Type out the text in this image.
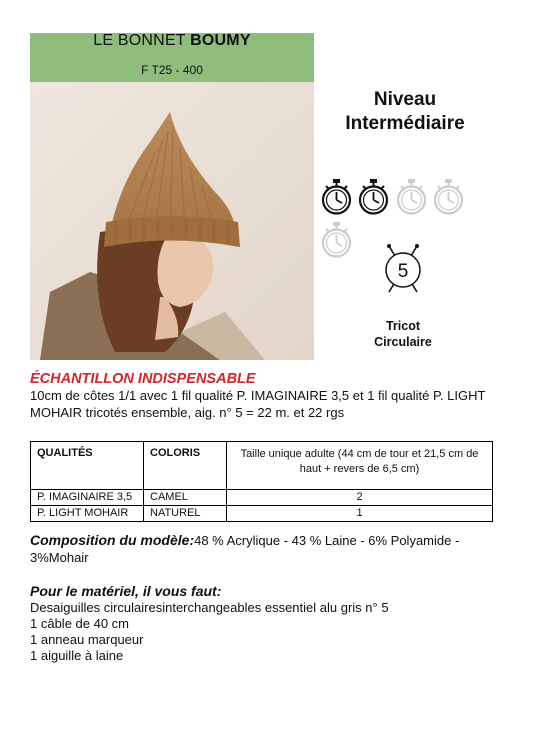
LE BONNET BOUMY
F T25 - 400
Niveau
Intermédiaire

5
Tricot
Circulaire
ÉCHANTILLON INDISPENSABLE
10cm de côtes 1/1 avec 1 fil qualité P. IMAGINAIRE 3,5 et 1 fil qualité P. LIGHT MOHAIR tricotés ensemble, aig. n° 5 = 22 m. et 22 rgs
QUALITÉS	COLORIS	Taille unique adulte (44 cm de tour et 21,5 cm de haut + revers de 6,5 cm)
P. IMAGINAIRE 3,5	CAMEL	2
P. LIGHT MOHAIR	NATUREL	1
Composition du modèle:48 % Acrylique - 43 % Laine - 6% Polyamide - 3%Mohair
Pour le matériel, il vous faut:
Desaiguilles circulairesinterchangeables essentiel alu gris n° 5
1 câble de 40 cm
1 anneau marqueur
1 aiguille à laine
